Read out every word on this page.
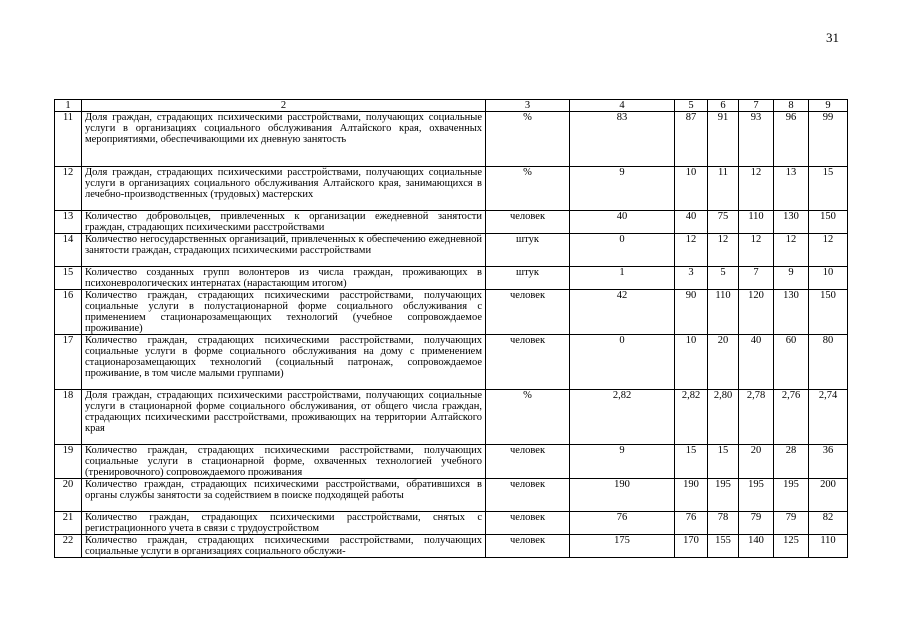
31
1	2	3	4	5	6	7	8	9
11	Доля граждан, страдающих психическими расстройствами, получающих социальные услуги в организациях социального обслуживания Алтайского края, охваченных мероприятиями, обеспечивающими их дневную занятость	%	83	87	91	93	96	99
12	Доля граждан, страдающих психическими расстройствами, получающих социальные услуги в организациях социального обслуживания Алтайского края, занимающихся в лечебно-производственных (трудовых) мастерских	%	9	10	11	12	13	15
13	Количество добровольцев, привлеченных к организации ежедневной занятости граждан, страдающих психическими расстройствами	человек	40	40	75	110	130	150
14	Количество негосударственных организаций, привлеченных к обеспечению ежедневной занятости граждан, страдающих психическими расстройствами	штук	0	12	12	12	12	12
15	Количество созданных групп волонтеров из числа граждан, проживающих в психоневрологических интернатах (нарастающим итогом)	штук	1	3	5	7	9	10
16	Количество граждан, страдающих психическими расстройствами, получающих социальные услуги в полустационарной форме социального обслуживания с применением стационарозамещающих технологий (учебное сопровождаемое проживание)	человек	42	90	110	120	130	150
17	Количество граждан, страдающих психическими расстройствами, получающих социальные услуги в форме социального обслуживания на дому с применением стационарозамещающих технологий (социальный патронаж, сопровождаемое проживание, в том числе малыми группами)	человек	0	10	20	40	60	80
18	Доля граждан, страдающих психическими расстройствами, получающих социальные услуги в стационарной форме социального обслуживания, от общего числа граждан, страдающих психическими расстройствами, проживающих на территории Алтайского края	%	2,82	2,82	2,80	2,78	2,76	2,74
19	Количество граждан, страдающих психическими расстройствами, получающих социальные услуги в стационарной форме, охваченных технологией учебного (тренировочного) сопровождаемого проживания	человек	9	15	15	20	28	36
20	Количество граждан, страдающих психическими расстройствами, обратившихся в органы службы занятости за содействием в поиске подходящей работы	человек	190	190	195	195	195	200
21	Количество граждан, страдающих психическими расстройствами, снятых с регистрационного учета в связи с трудоустройством	человек	76	76	78	79	79	82
22	Количество граждан, страдающих психическими расстройствами, получающих социальные услуги в организациях социального обслужи-	человек	175	170	155	140	125	110
